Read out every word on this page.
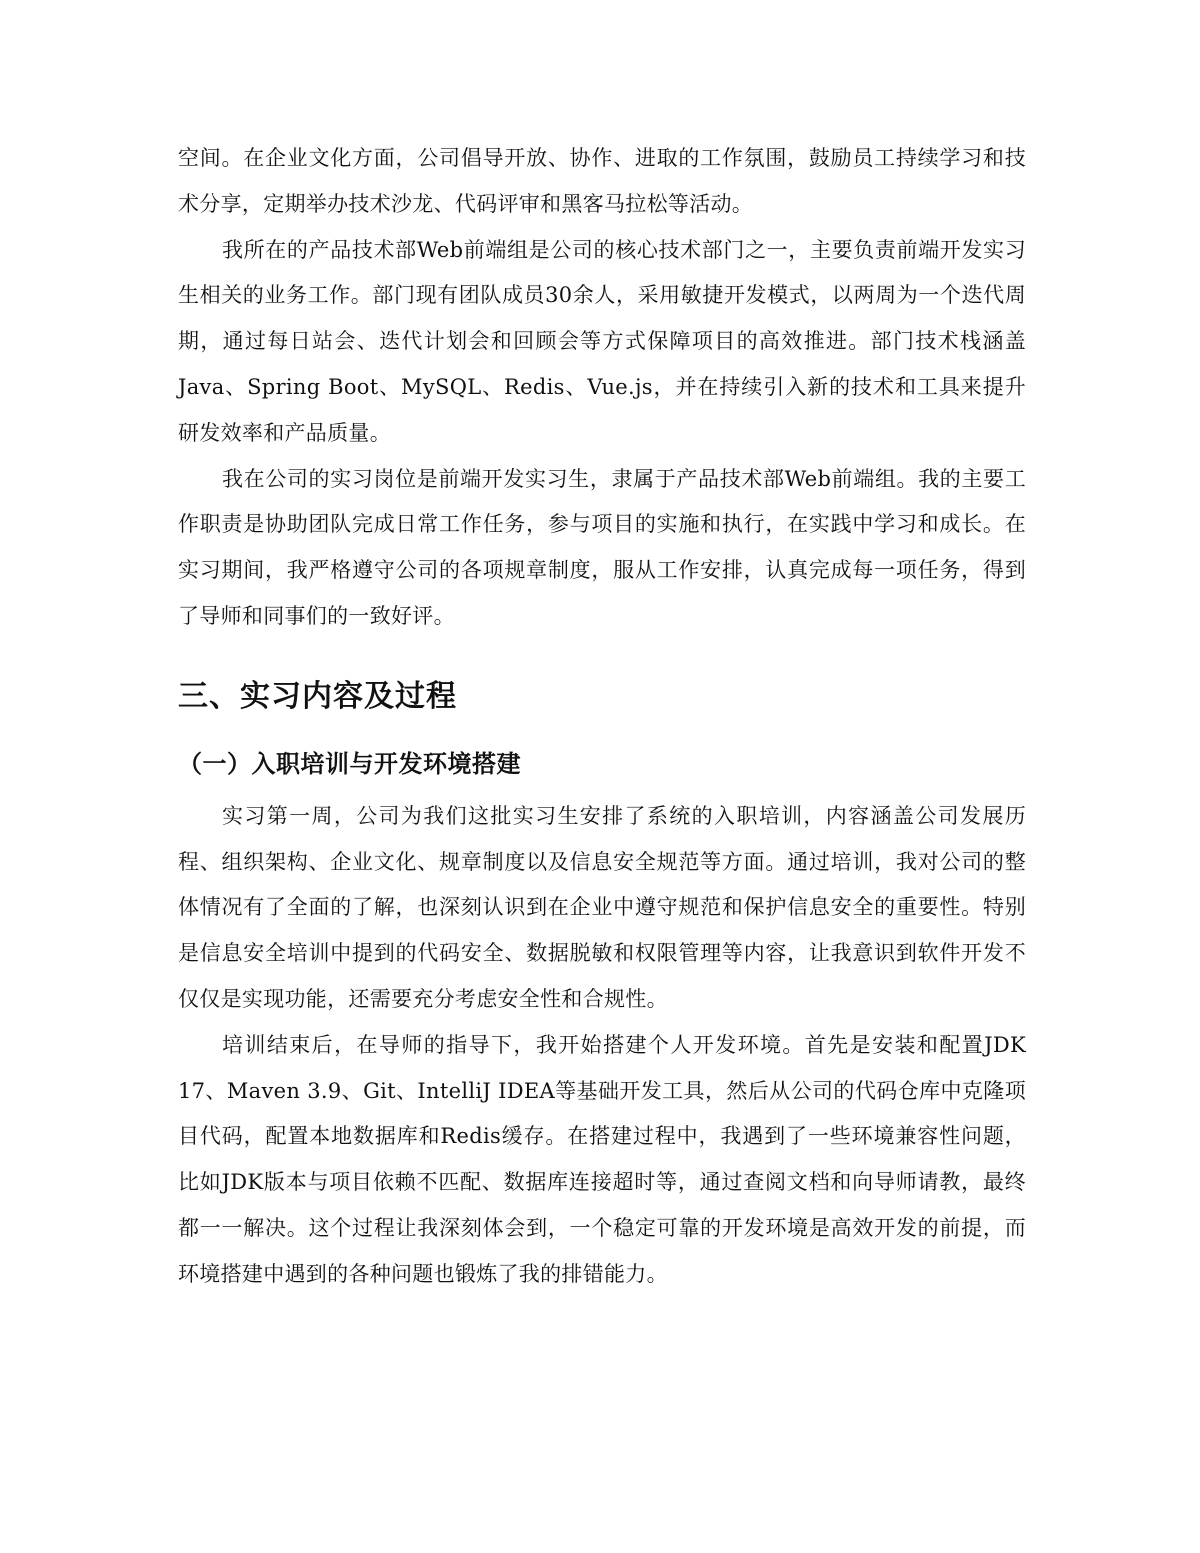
空间。在企业文化方面，公司倡导开放、协作、进取的工作氛围，鼓励员工持续学习和技术分享，定期举办技术沙龙、代码评审和黑客马拉松等活动。

我所在的产品技术部Web前端组是公司的核心技术部门之一，主要负责前端开发实习生相关的业务工作。部门现有团队成员30余人，采用敏捷开发模式，以两周为一个迭代周期，通过每日站会、迭代计划会和回顾会等方式保障项目的高效推进。部门技术栈涵盖Java、Spring Boot、MySQL、Redis、Vue.js，并在持续引入新的技术和工具来提升研发效率和产品质量。

我在公司的实习岗位是前端开发实习生，隶属于产品技术部Web前端组。我的主要工作职责是协助团队完成日常工作任务，参与项目的实施和执行，在实践中学习和成长。在实习期间，我严格遵守公司的各项规章制度，服从工作安排，认真完成每一项任务，得到了导师和同事们的一致好评。

三、实习内容及过程
（一）入职培训与开发环境搭建

实习第一周，公司为我们这批实习生安排了系统的入职培训，内容涵盖公司发展历程、组织架构、企业文化、规章制度以及信息安全规范等方面。通过培训，我对公司的整体情况有了全面的了解，也深刻认识到在企业中遵守规范和保护信息安全的重要性。特别是信息安全培训中提到的代码安全、数据脱敏和权限管理等内容，让我意识到软件开发不仅仅是实现功能，还需要充分考虑安全性和合规性。

培训结束后，在导师的指导下，我开始搭建个人开发环境。首先是安装和配置JDK 17、Maven 3.9、Git、IntelliJ IDEA等基础开发工具，然后从公司的代码仓库中克隆项目代码，配置本地数据库和Redis缓存。在搭建过程中，我遇到了一些环境兼容性问题，比如JDK版本与项目依赖不匹配、数据库连接超时等，通过查阅文档和向导师请教，最终都一一解决。这个过程让我深刻体会到，一个稳定可靠的开发环境是高效开发的前提，而环境搭建中遇到的各种问题也锻炼了我的排错能力。
